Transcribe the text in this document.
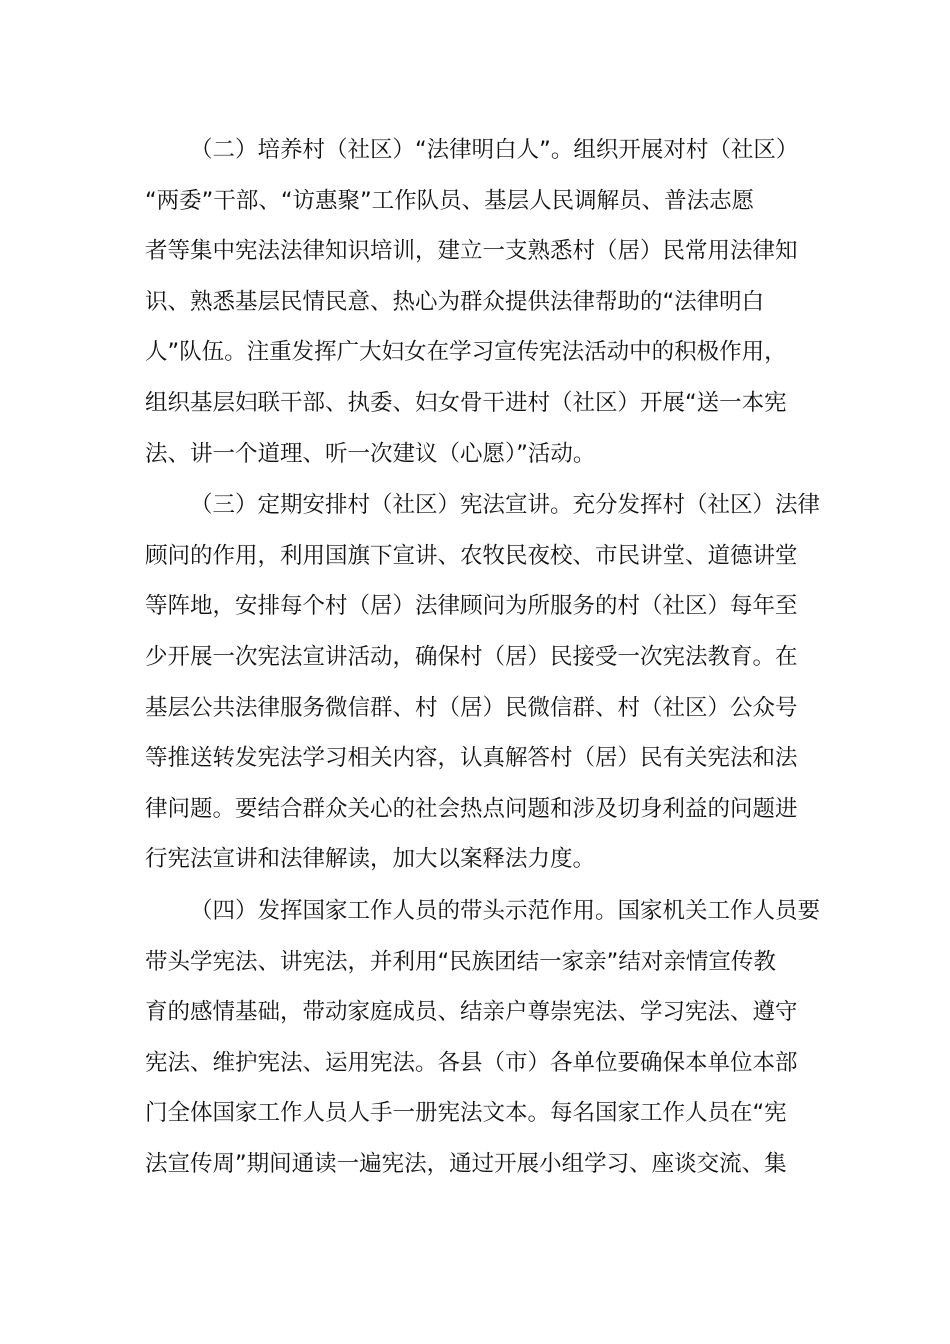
（二）培养村（社区）“法律明白人”。组织开展对村（社区）
“两委”干部、“访惠聚”工作队员、基层人民调解员、普法志愿
者等集中宪法法律知识培训，建立一支熟悉村（居）民常用法律知
识、熟悉基层民情民意、热心为群众提供法律帮助的“法律明白
人”队伍。注重发挥广大妇女在学习宣传宪法活动中的积极作用，
组织基层妇联干部、执委、妇女骨干进村（社区）开展“送一本宪
法、讲一个道理、听一次建议（心愿）”活动。

（三）定期安排村（社区）宪法宣讲。充分发挥村（社区）法律
顾问的作用，利用国旗下宣讲、农牧民夜校、市民讲堂、道德讲堂
等阵地，安排每个村（居）法律顾问为所服务的村（社区）每年至
少开展一次宪法宣讲活动，确保村（居）民接受一次宪法教育。在
基层公共法律服务微信群、村（居）民微信群、村（社区）公众号
等推送转发宪法学习相关内容，认真解答村（居）民有关宪法和法
律问题。要结合群众关心的社会热点问题和涉及切身利益的问题进
行宪法宣讲和法律解读，加大以案释法力度。

（四）发挥国家工作人员的带头示范作用。国家机关工作人员要
带头学宪法、讲宪法，并利用“民族团结一家亲”结对亲情宣传教
育的感情基础，带动家庭成员、结亲户尊崇宪法、学习宪法、遵守
宪法、维护宪法、运用宪法。各县（市）各单位要确保本单位本部
门全体国家工作人员人手一册宪法文本。每名国家工作人员在“宪
法宣传周”期间通读一遍宪法，通过开展小组学习、座谈交流、集
